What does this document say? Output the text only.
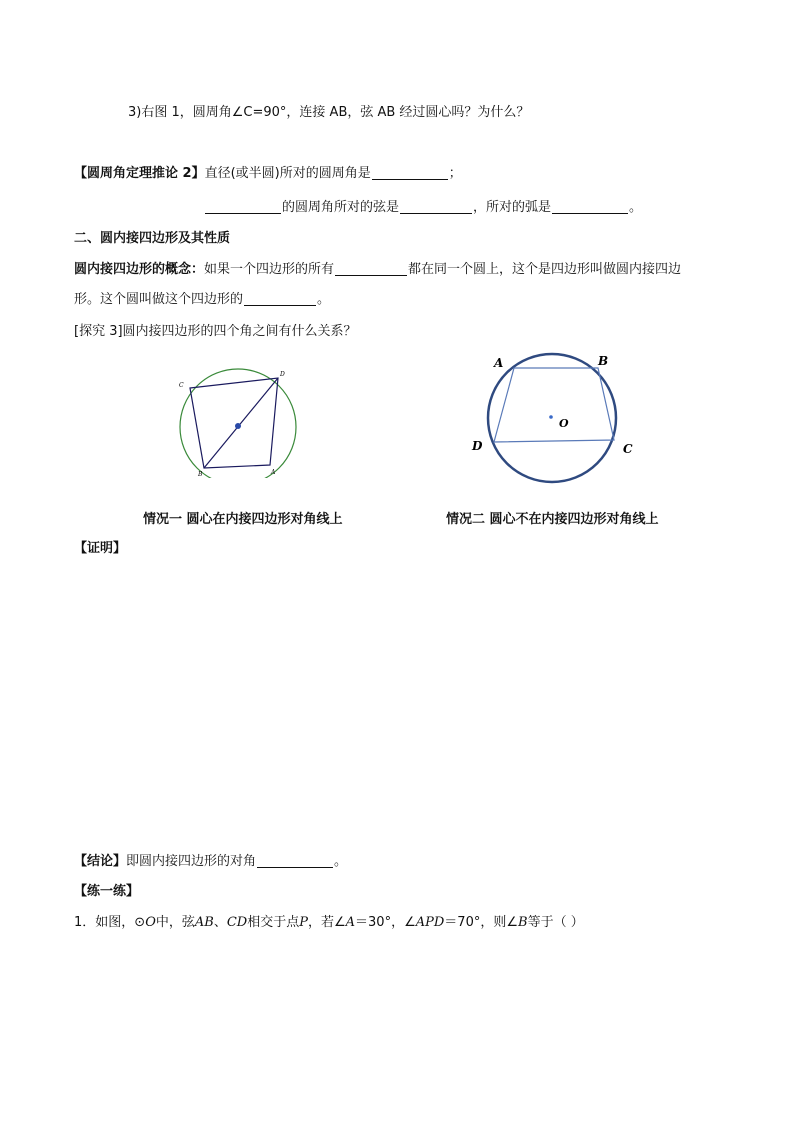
3)右图 1，圆周角∠C=90°，连接 AB，弦 AB 经过圆心吗？为什么？
【圆周角定理推论 2】直径(或半圆)所对的圆周角是	；
的圆周角所对的弦是	，所对的弧是	。
二、圆内接四边形及其性质
圆内接四边形的概念：如果一个四边形的所有	都在同一个圆上，这个是四边形叫做圆内接四边
形。这个圆叫做这个四边形的	。
[探究 3]圆内接四边形的四个角之间有什么关系？
C
D
B	A
A	B
D	C
O
情况一 圆心在内接四边形对角线上	情况二 圆心不在内接四边形对角线上
【证明】
【结论】即圆内接四边形的对角	。
【练一练】
1．如图，⊙O中，弦AB、CD相交于点P，若∠A＝30°，∠APD＝70°，则∠B等于（ ）
